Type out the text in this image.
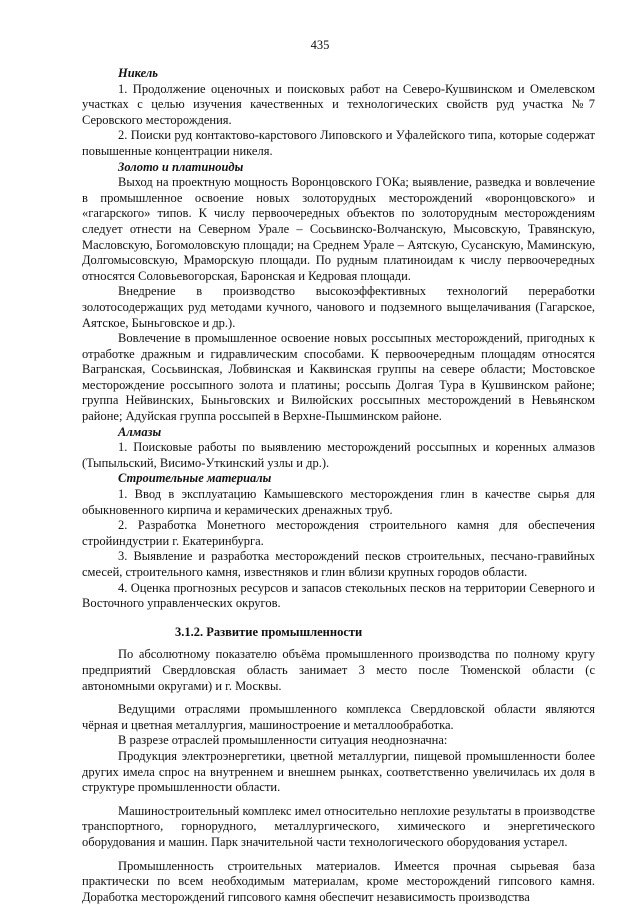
435

Никель

1. Продолжение оценочных и поисковых работ на Северо-Кушвинском и Омелевском участках с целью изучения качественных и технологических свойств руд участка №7 Серовского месторождения.

2. Поиски руд контактово-карстового Липовского и Уфалейского типа, которые содержат повышенные концентрации никеля.

Золото и платиноиды

Выход на проектную мощность Воронцовского ГОКа; выявление, разведка и вовлечение в промышленное освоение новых золоторудных месторождений «воронцовского» и «гагарского» типов. К числу первоочередных объектов по золоторудным месторождениям следует отнести на Северном Урале – Сосьвинско-Волчанскую, Мысовскую, Травянскую, Масловскую, Богомоловскую площади; на Среднем Урале – Аятскую, Сусанскую, Маминскую, Долгомысовскую, Мраморскую площади. По рудным платиноидам к числу первоочередных относятся Соловьевогорская, Баронская и Кедровая площади.

Внедрение в производство высокоэффективных технологий переработки золотосодержащих руд методами кучного, чанового и подземного выщелачивания (Гагарское, Аятское, Быньговское и др.).

Вовлечение в промышленное освоение новых россыпных месторождений, пригодных к отработке дражным и гидравлическим способами. К первоочередным площадям относятся Вагранская, Сосьвинская, Лобвинская и Каквинская группы на севере области; Мостовское месторождение россыпного золота и платины; россыпь Долгая Тура в Кушвинском районе; группа Нейвинских, Быньговских и Вилюйских россыпных месторождений в Невьянском районе; Адуйская группа россыпей в Верхне-Пышминском районе.

Алмазы

1. Поисковые работы по выявлению месторождений россыпных и коренных алмазов (Тыпыльский, Висимо-Уткинский узлы и др.).

Строительные материалы

1. Ввод в эксплуатацию Камышевского месторождения глин в качестве сырья для обыкновенного кирпича и керамических дренажных труб.

2. Разработка Монетного месторождения строительного камня для обеспечения стройиндустрии г. Екатеринбурга.

3. Выявление и разработка месторождений песков строительных, песчано-гравийных смесей, строительного камня, известняков и глин вблизи крупных городов области.

4. Оценка прогнозных ресурсов и запасов стекольных песков на территории Северного и Восточного управленческих округов.

3.1.2. Развитие промышленности

По абсолютному показателю объёма промышленного производства по полному кругу предприятий Свердловская область занимает 3 место после Тюменской области (с автономными округами) и г. Москвы.

Ведущими отраслями промышленного комплекса Свердловской области являются чёрная и цветная металлургия, машиностроение и металлообработка.

В разрезе отраслей промышленности ситуация неоднозначна:

Продукция электроэнергетики, цветной металлургии, пищевой промышленности более других имела спрос на внутреннем и внешнем рынках, соответственно увеличилась их доля в структуре промышленности области.

Машиностроительный комплекс имел относительно неплохие результаты в производстве транспортного, горнорудного, металлургического, химического и энергетического оборудования и машин. Парк значительной части технологического оборудования устарел.

Промышленность строительных материалов. Имеется прочная сырьевая база практически по всем необходимым материалам, кроме месторождений гипсового камня. Доработка месторождений гипсового камня обеспечит независимость производства
